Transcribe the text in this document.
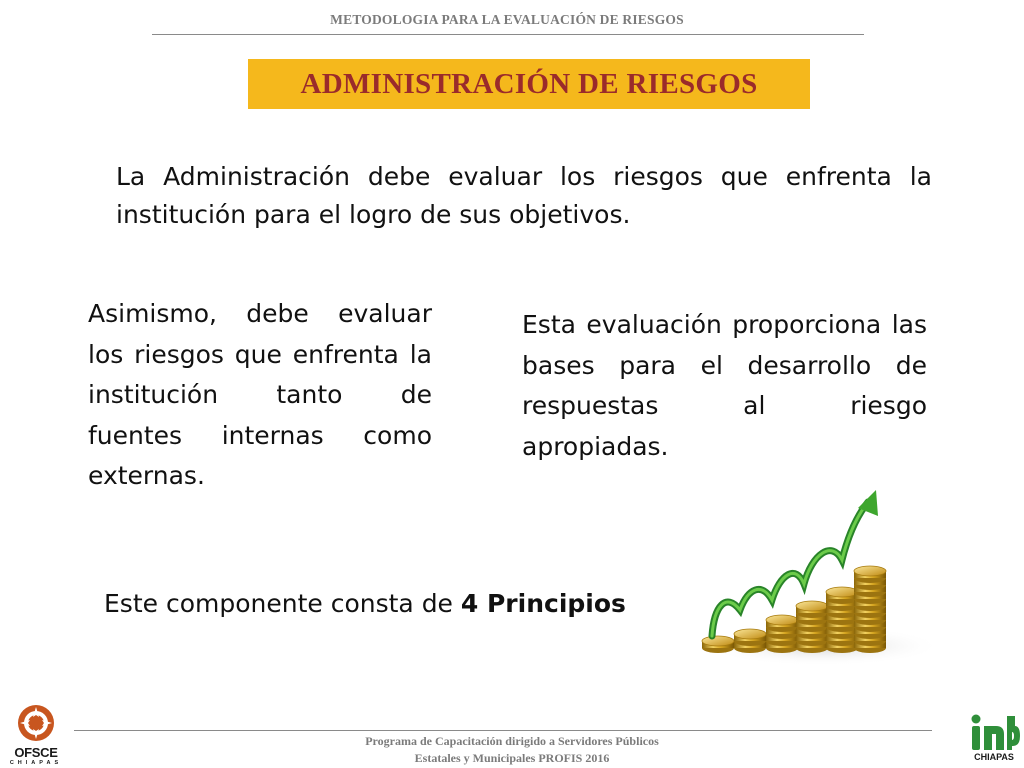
METODOLOGIA PARA LA EVALUACIÓN DE RIESGOS
ADMINISTRACIÓN DE RIESGOS
La Administración debe evaluar los riesgos que enfrenta la institución para el logro de sus objetivos.
Asimismo, debe evaluar los riesgos que enfrenta la institución tanto de fuentes internas como externas.
Esta evaluación proporciona las bases para el desarrollo de respuestas al riesgo apropiadas.
Este componente consta de 4 Principios
Programa de Capacitación dirigido a Servidores Públicos
Estatales y Municipales PROFIS 2016
OFSCE
CHIAPAS
CHIAPAS
